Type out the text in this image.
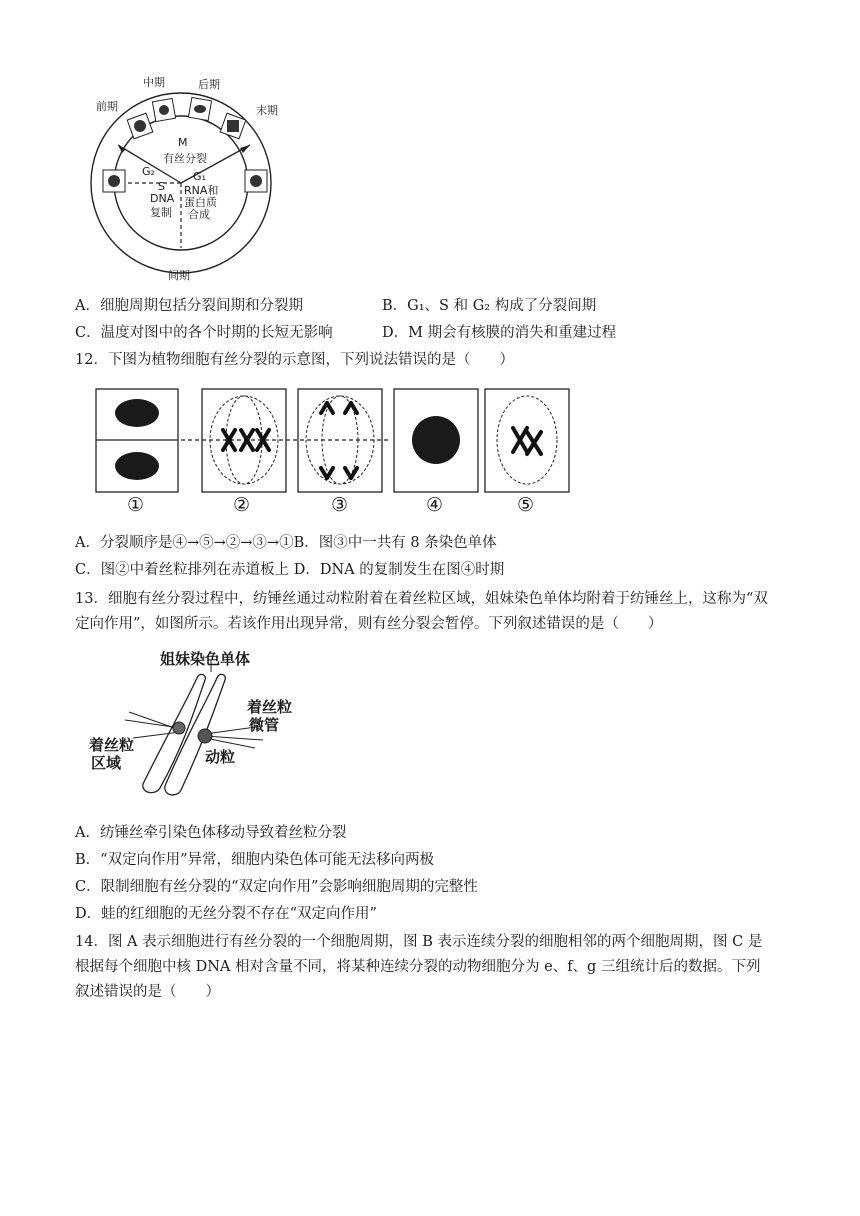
中期	后期
前期	末期
M
有丝分裂
G₂
S
DNA
复制
G₁
RNA和
蛋白质
合成
间期
A．细胞周期包括分裂间期和分裂期	B．G₁、S 和 G₂ 构成了分裂间期
C．温度对图中的各个时期的长短无影响	D．M 期会有核膜的消失和重建过程
12．下图为植物细胞有丝分裂的示意图，下列说法错误的是（　　）
①	②	③	④	⑤
A．分裂顺序是④→⑤→②→③→①B．图③中一共有 8 条染色单体
C．图②中着丝粒排列在赤道板上 D．DNA 的复制发生在图④时期
13．细胞有丝分裂过程中，纺锤丝通过动粒附着在着丝粒区域，姐妹染色单体均附着于纺锤丝上，这称为“双
定向作用”，如图所示。若该作用出现异常，则有丝分裂会暂停。下列叙述错误的是（　　）
姐妹染色单体
着丝粒
微管
着丝粒
区域	动粒
A．纺锤丝牵引染色体移动导致着丝粒分裂
B．“双定向作用”异常，细胞内染色体可能无法移向两极
C．限制细胞有丝分裂的“双定向作用”会影响细胞周期的完整性
D．蛙的红细胞的无丝分裂不存在“双定向作用”
14．图 A 表示细胞进行有丝分裂的一个细胞周期，图 B 表示连续分裂的细胞相邻的两个细胞周期，图 C 是
根据每个细胞中核 DNA 相对含量不同，将某种连续分裂的动物细胞分为 e、f、g 三组统计后的数据。下列
叙述错误的是（　　）
